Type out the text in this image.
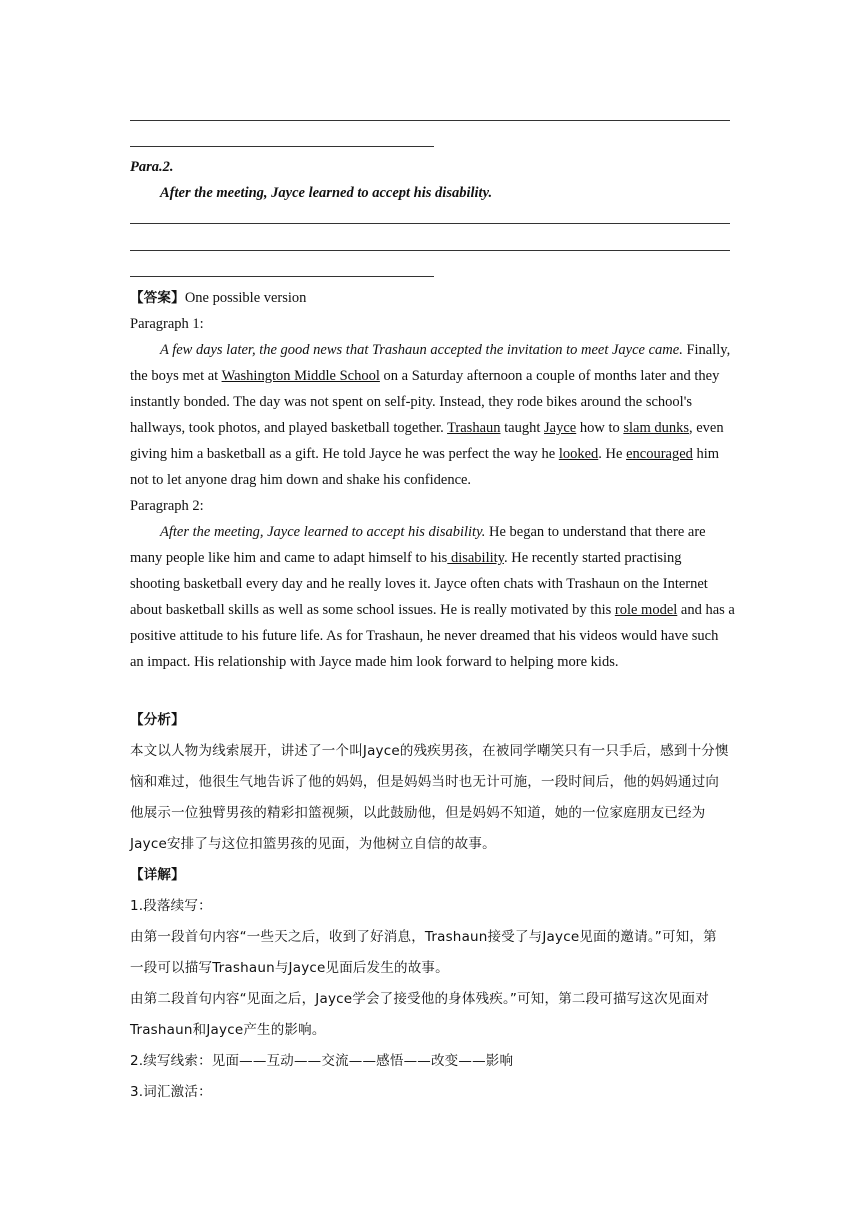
Para.2.
After the meeting, Jayce learned to accept his disability.

【答案】One possible version

Paragraph 1:

A few days later, the good news that Trashaun accepted the invitation to meet Jayce came. Finally, the boys met at Washington Middle School on a Saturday afternoon a couple of months later and they instantly bonded. The day was not spent on self-pity. Instead, they rode bikes around the school's hallways, took photos, and played basketball together. Trashaun taught Jayce how to slam dunks, even giving him a basketball as a gift. He told Jayce he was perfect the way he looked. He encouraged him not to let anyone drag him down and shake his confidence.

Paragraph 2:

After the meeting, Jayce learned to accept his disability. He began to understand that there are many people like him and came to adapt himself to his disability. He recently started practising shooting basketball every day and he really loves it. Jayce often chats with Trashaun on the Internet about basketball skills as well as some school issues. He is really motivated by this role model and has a positive attitude to his future life. As for Trashaun, he never dreamed that his videos would have such an impact. His relationship with Jayce made him look forward to helping more kids.

【分析】

本文以人物为线索展开，讲述了一个叫Jayce的残疾男孩，在被同学嘲笑只有一只手后，感到十分懊恼和难过，他很生气地告诉了他的妈妈，但是妈妈当时也无计可施，一段时间后，他的妈妈通过向他展示一位独臂男孩的精彩扣篮视频，以此鼓励他，但是妈妈不知道，她的一位家庭朋友已经为Jayce安排了与这位扣篮男孩的见面，为他树立自信的故事。

【详解】

1.段落续写：

由第一段首句内容“一些天之后，收到了好消息，Trashaun接受了与Jayce见面的邀请。”可知，第一段可以描写Trashaun与Jayce见面后发生的故事。

由第二段首句内容“见面之后，Jayce学会了接受他的身体残疾。”可知，第二段可描写这次见面对Trashaun和Jayce产生的影响。

2.续写线索：见面——互动——交流——感悟——改变——影响

3.词汇激活：
